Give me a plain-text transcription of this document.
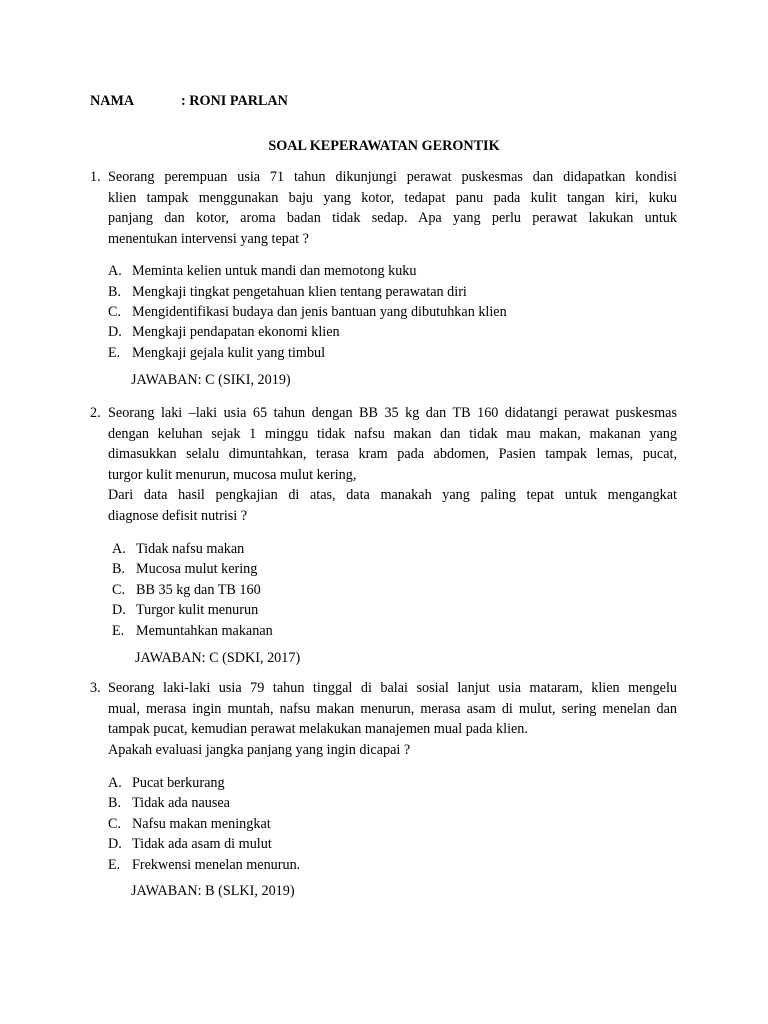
NAMA	: RONI PARLAN
SOAL KEPERAWATAN GERONTIK
1. Seorang perempuan usia 71 tahun dikunjungi perawat puskesmas dan didapatkan kondisi
klien tampak menggunakan baju yang kotor, tedapat panu pada kulit tangan kiri, kuku
panjang dan kotor, aroma badan tidak sedap. Apa yang perlu perawat lakukan untuk
menentukan intervensi yang tepat ?
A. Meminta kelien untuk mandi dan memotong kuku
B. Mengkaji tingkat pengetahuan klien tentang perawatan diri
C. Mengidentifikasi budaya dan jenis bantuan yang dibutuhkan klien
D. Mengkaji pendapatan ekonomi klien
E. Mengkaji gejala kulit yang timbul
JAWABAN: C (SIKI, 2019)
2. Seorang laki –laki usia 65 tahun dengan BB 35 kg dan TB 160 didatangi perawat puskesmas
dengan keluhan sejak 1 minggu tidak nafsu makan dan tidak mau makan, makanan yang
dimasukkan selalu dimuntahkan, terasa kram pada abdomen, Pasien tampak lemas, pucat,
turgor kulit menurun, mucosa mulut kering,
Dari data hasil pengkajian di atas, data manakah yang paling tepat untuk mengangkat
diagnose defisit nutrisi ?
A. Tidak nafsu makan
B. Mucosa mulut kering
C. BB 35 kg dan TB 160
D. Turgor kulit menurun
E. Memuntahkan makanan
JAWABAN: C (SDKI, 2017)
3. Seorang laki-laki usia 79 tahun tinggal di balai sosial lanjut usia mataram, klien mengelu
mual, merasa ingin muntah, nafsu makan menurun, merasa asam di mulut, sering menelan dan
tampak pucat, kemudian perawat melakukan manajemen mual pada klien.
Apakah evaluasi jangka panjang yang ingin dicapai ?
A. Pucat berkurang
B. Tidak ada nausea
C. Nafsu makan meningkat
D. Tidak ada asam di mulut
E. Frekwensi menelan menurun.
JAWABAN: B (SLKI, 2019)
